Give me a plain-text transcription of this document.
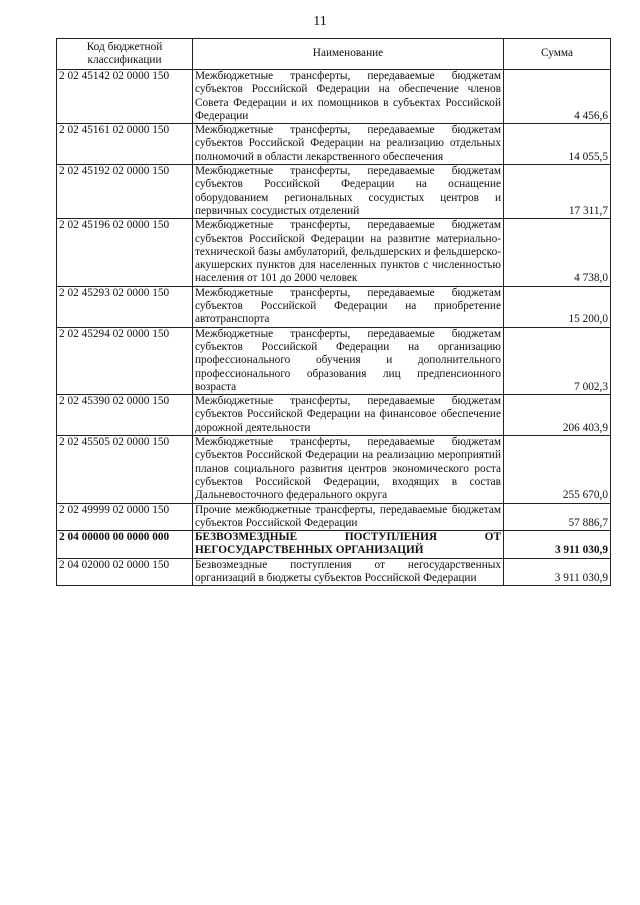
11
Код бюджетной классификации	Наименование	Сумма
2 02 45142 02 0000 150	Межбюджетные трансферты, передаваемые бюджетам субъектов Российской Федерации на обеспечение членов Совета Федерации и их помощников в субъектах Российской Федерации	4 456,6
2 02 45161 02 0000 150	Межбюджетные трансферты, передаваемые бюджетам субъектов Российской Федерации на реализацию отдельных полномочий в области лекарственного обеспечения	14 055,5
2 02 45192 02 0000 150	Межбюджетные трансферты, передаваемые бюджетам субъектов Российской Федерации на оснащение оборудованием региональных сосудистых центров и первичных сосудистых отделений	17 311,7
2 02 45196 02 0000 150	Межбюджетные трансферты, передаваемые бюджетам субъектов Российской Федерации на развитие материально-технической базы амбулаторий, фельдшерских и фельдшерско-акушерских пунктов для населенных пунктов с численностью населения от 101 до 2000 человек	4 738,0
2 02 45293 02 0000 150	Межбюджетные трансферты, передаваемые бюджетам субъектов Российской Федерации на приобретение автотранспорта	15 200,0
2 02 45294 02 0000 150	Межбюджетные трансферты, передаваемые бюджетам субъектов Российской Федерации на организацию профессионального обучения и дополнительного профессионального образования лиц предпенсионного возраста	7 002,3
2 02 45390 02 0000 150	Межбюджетные трансферты, передаваемые бюджетам субъектов Российской Федерации на финансовое обеспечение дорожной деятельности	206 403,9
2 02 45505 02 0000 150	Межбюджетные трансферты, передаваемые бюджетам субъектов Российской Федерации на реализацию мероприятий планов социального развития центров экономического роста субъектов Российской Федерации, входящих в состав Дальневосточного федерального округа	255 670,0
2 02 49999 02 0000 150	Прочие межбюджетные трансферты, передаваемые бюджетам субъектов Российской Федерации	57 886,7
2 04 00000 00 0000 000	БЕЗВОЗМЕЗДНЫЕ ПОСТУПЛЕНИЯ ОТ НЕГОСУДАРСТВЕННЫХ ОРГАНИЗАЦИЙ	3 911 030,9
2 04 02000 02 0000 150	Безвозмездные поступления от негосударственных организаций в бюджеты субъектов Российской Федерации	3 911 030,9
